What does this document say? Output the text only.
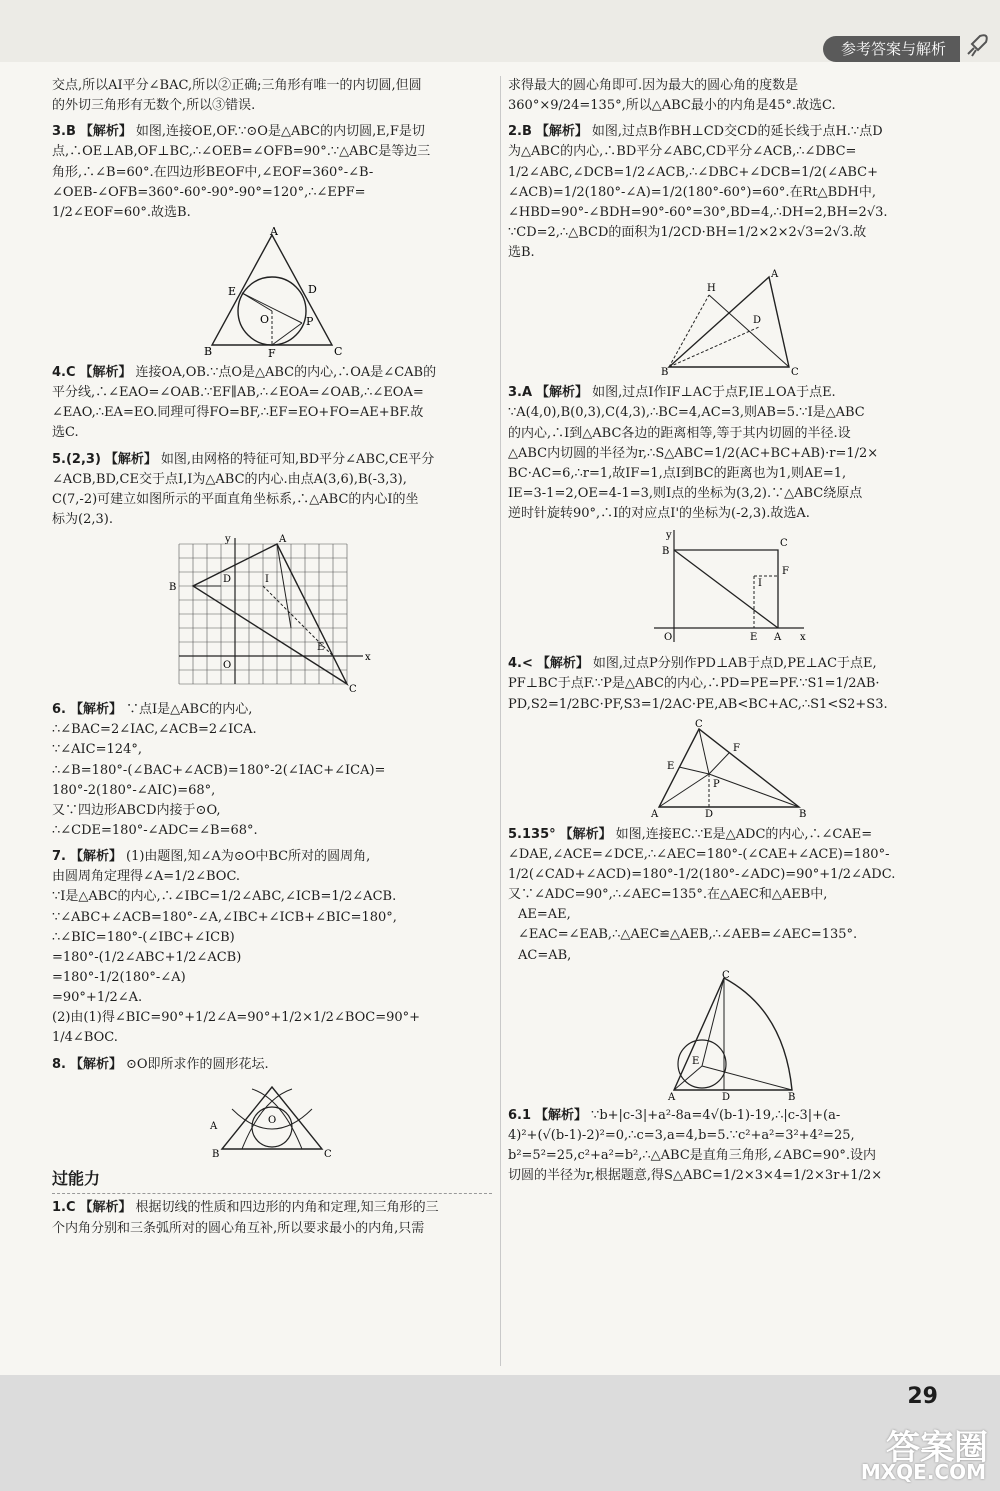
参考答案与解析
交点,所以AI平分∠BAC,所以②正确;三角形有唯一的内切圆,但圆
的外切三角形有无数个,所以③错误.
3.B 【解析】 如图,连接OE,OF.∵⊙O是△ABC的内切圆,E,F是切
点,∴OE⊥AB,OF⊥BC,∴∠OEB=∠OFB=90°.∵△ABC是等边三
角形,∴∠B=60°.在四边形BEOF中,∠EOF=360°-∠B-
∠OEB-∠OFB=360°-60°-90°-90°=120°,∴∠EPF=
1/2∠EOF=60°.故选B.
A
E	D
O	P
B	F	C
4.C 【解析】 连接OA,OB.∵点O是△ABC的内心,∴OA是∠CAB的
平分线,∴∠EAO=∠OAB.∵EF∥AB,∴∠EOA=∠OAB,∴∠EOA=
∠EAO,∴EA=EO.同理可得FO=BF,∴EF=EO+FO=AE+BF.故
选C.
5.(2,3) 【解析】 如图,由网格的特征可知,BD平分∠ABC,CE平分
∠ACB,BD,CE交于点I,I为△ABC的内心.由点A(3,6),B(-3,3),
C(7,-2)可建立如图所示的平面直角坐标系,∴△ABC的内心I的坐
标为(2,3).
y	A
B
D	I
E
O
x
C
6. 【解析】 ∵点I是△ABC的内心,
∴∠BAC=2∠IAC,∠ACB=2∠ICA.
∵∠AIC=124°,
∴∠B=180°-(∠BAC+∠ACB)=180°-2(∠IAC+∠ICA)=
180°-2(180°-∠AIC)=68°,
又∵四边形ABCD内接于⊙O,
∴∠CDE=180°-∠ADC=∠B=68°.
7. 【解析】 (1)由题图,知∠A为⊙O中BC所对的圆周角,
由圆周角定理得∠A=1/2∠BOC.
∵I是△ABC的内心,∴∠IBC=1/2∠ABC,∠ICB=1/2∠ACB.
∵∠ABC+∠ACB=180°-∠A,∠IBC+∠ICB+∠BIC=180°,
∴∠BIC=180°-(∠IBC+∠ICB)
=180°-(1/2∠ABC+1/2∠ACB)
=180°-1/2(180°-∠A)
=90°+1/2∠A.
(2)由(1)得∠BIC=90°+1/2∠A=90°+1/2×1/2∠BOC=90°+
1/4∠BOC.
8. 【解析】 ⊙O即所求作的圆形花坛.
A
O
B	C
过能力
1.C 【解析】 根据切线的性质和四边形的内角和定理,知三角形的三
个内角分别和三条弧所对的圆心角互补,所以要求最小的内角,只需
求得最大的圆心角即可.因为最大的圆心角的度数是
360°×9/24=135°,所以△ABC最小的内角是45°.故选C.
2.B 【解析】 如图,过点B作BH⊥CD交CD的延长线于点H.∵点D
为△ABC的内心,∴BD平分∠ABC,CD平分∠ACB,∴∠DBC=
1/2∠ABC,∠DCB=1/2∠ACB,∴∠DBC+∠DCB=1/2(∠ABC+
∠ACB)=1/2(180°-∠A)=1/2(180°-60°)=60°.在Rt△BDH中,
∠HBD=90°-∠BDH=90°-60°=30°,BD=4,∴DH=2,BH=2√3.
∵CD=2,∴△BCD的面积为1/2CD·BH=1/2×2×2√3=2√3.故
选B.
A
H
D
B	C
3.A 【解析】 如图,过点I作IF⊥AC于点F,IE⊥OA于点E.
∵A(4,0),B(0,3),C(4,3),∴BC=4,AC=3,则AB=5.∵I是△ABC
的内心,∴I到△ABC各边的距离相等,等于其内切圆的半径.设
△ABC内切圆的半径为r,∴S△ABC=1/2(AC+BC+AB)·r=1/2×
BC·AC=6,∴r=1,故IF=1,点I到BC的距离也为1,则AE=1,
IE=3-1=2,OE=4-1=3,则I点的坐标为(3,2).∵△ABC绕原点
逆时针旋转90°,∴I的对应点I'的坐标为(-2,3).故选A.
y
B
C
F
I
O	E A x
4.< 【解析】 如图,过点P分别作PD⊥AB于点D,PE⊥AC于点E,
PF⊥BC于点F.∵P是△ABC的内心,∴PD=PE=PF.∵S1=1/2AB·
PD,S2=1/2BC·PF,S3=1/2AC·PE,AB<BC+AC,∴S1<S2+S3.
C
F
E
P
A	D	B
5.135° 【解析】 如图,连接EC.∵E是△ADC的内心,∴∠CAE=
∠DAE,∠ACE=∠DCE,∴∠AEC=180°-(∠CAE+∠ACE)=180°-
1/2(∠CAD+∠ACD)=180°-1/2(180°-∠ADC)=90°+1/2∠ADC.
又∵∠ADC=90°,∴∠AEC=135°.在△AEC和△AEB中,
AE=AE,
∠EAC=∠EAB,∴△AEC≌△AEB,∴∠AEB=∠AEC=135°.
AC=AB,
C
E
A	D	B
6.1 【解析】 ∵b+|c-3|+a²-8a=4√(b-1)-19,∴|c-3|+(a-
4)²+(√(b-1)-2)²=0,∴c=3,a=4,b=5.∵c²+a²=3²+4²=25,
b²=5²=25,c²+a²=b²,∴△ABC是直角三角形,∠ABC=90°.设内
切圆的半径为r,根据题意,得S△ABC=1/2×3×4=1/2×3r+1/2×
29
答案圈
MXQE.COM
